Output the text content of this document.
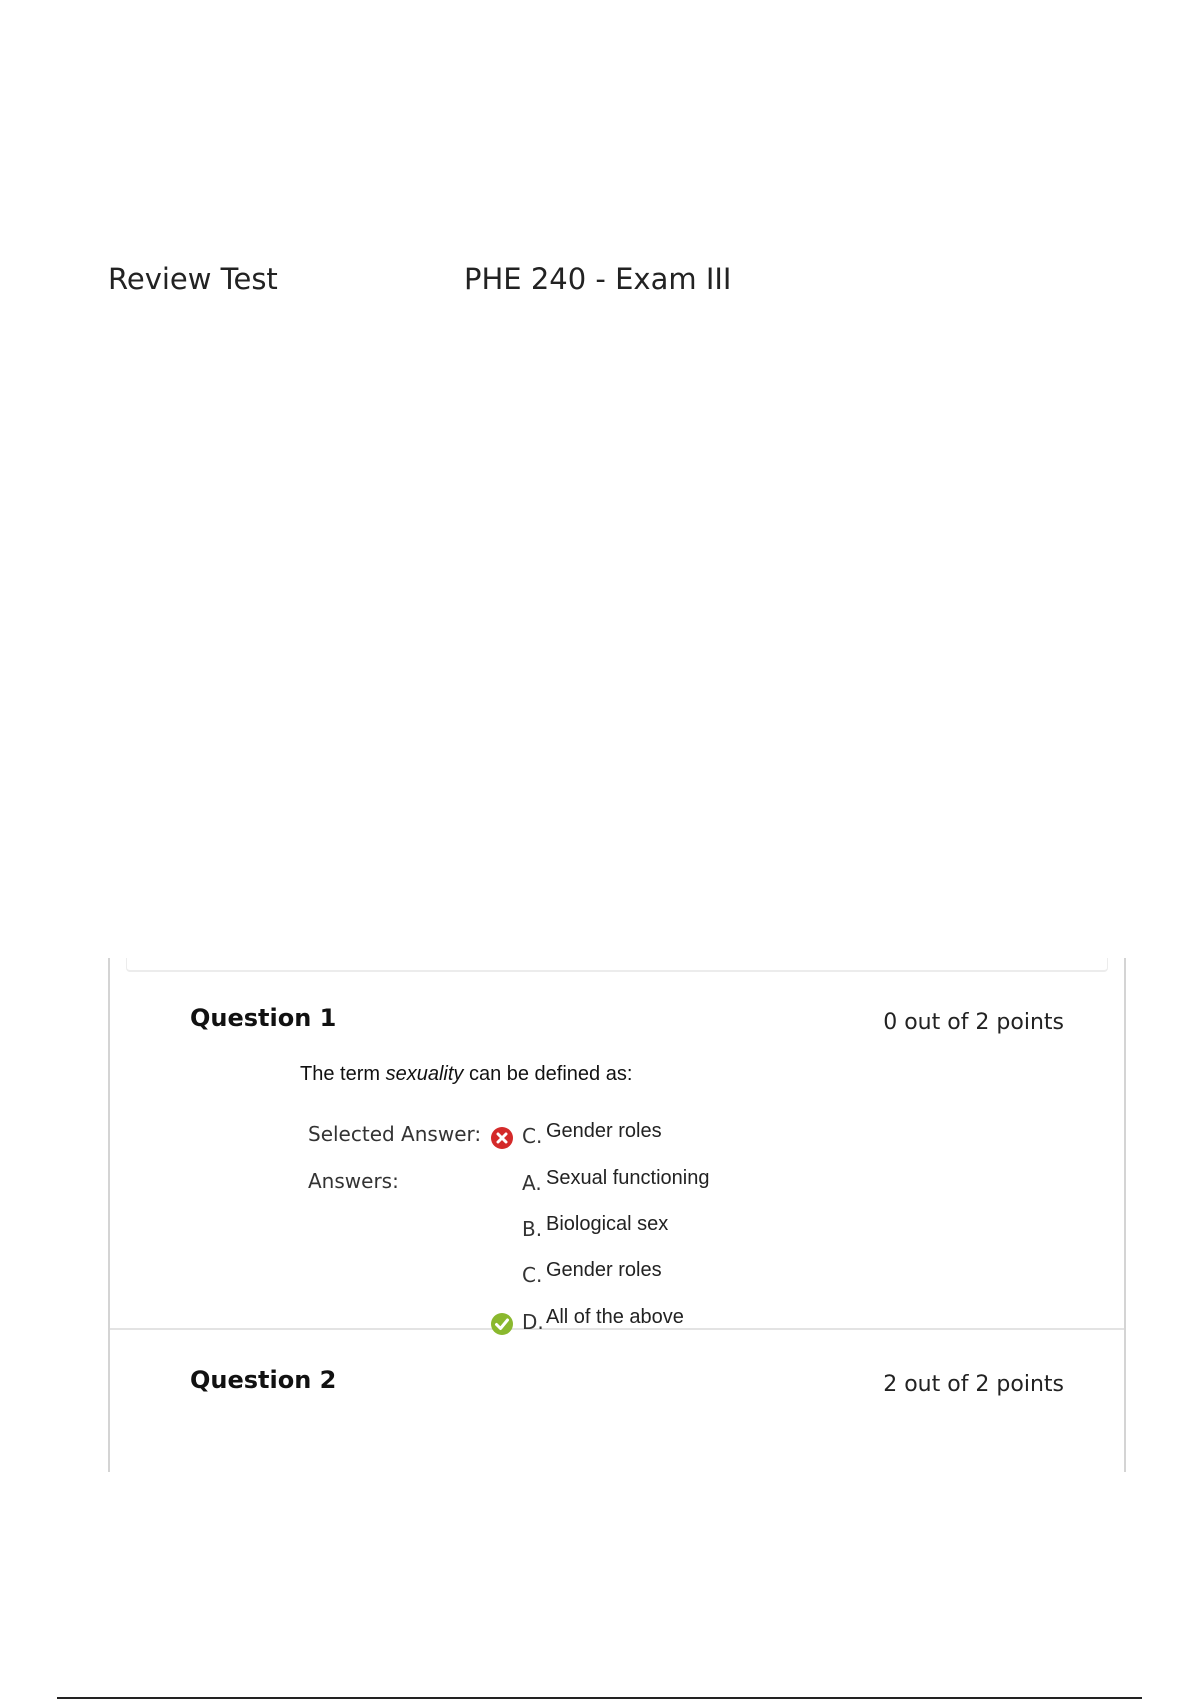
Review Test	PHE 240 - Exam III
Question 1	0 out of 2 points
The term sexuality can be defined as:
Selected Answer: C. Gender roles
Answers:	A. Sexual functioning
B. Biological sex
C. Gender roles
D. All of the above
Question 2	2 out of 2 points
